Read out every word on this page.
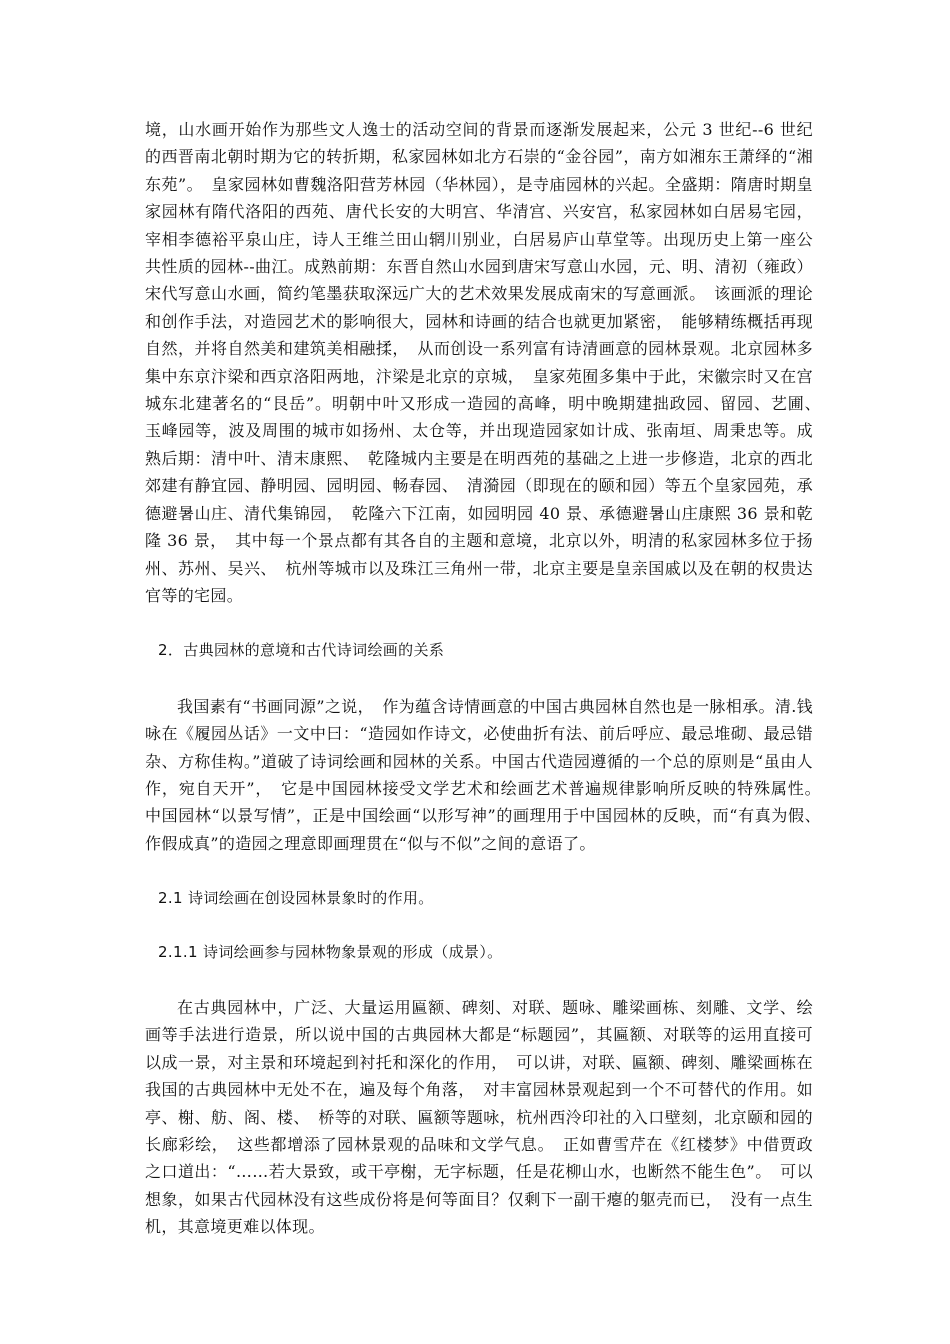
境，山水画开始作为那些文人逸士的活动空间的背景而逐渐发展起来，公元 3 世纪--6 世纪的西晋南北朝时期为它的转折期，私家园林如北方石崇的“金谷园”，南方如湘东王萧绎的“湘东苑”。　皇家园林如曹魏洛阳营芳林园（华林园），是寺庙园林的兴起。全盛期：隋唐时期皇家园林有隋代洛阳的西苑、唐代长安的大明宫、华清宫、兴安宫，私家园林如白居易宅园，宰相李德裕平泉山庄，诗人王维兰田山辋川别业，白居易庐山草堂等。出现历史上第一座公共性质的园林--曲江。成熟前期：东晋自然山水园到唐宋写意山水园，元、明、清初（雍政）宋代写意山水画，简约笔墨获取深远广大的艺术效果发展成南宋的写意画派。　该画派的理论和创作手法，对造园艺术的影响很大，园林和诗画的结合也就更加紧密，　能够精练概括再现自然，并将自然美和建筑美相融揉，　从而创设一系列富有诗清画意的园林景观。北京园林多集中东京汴梁和西京洛阳两地，汴梁是北京的京城，　皇家苑囿多集中于此，宋徽宗时又在宫城东北建著名的“艮岳”。明朝中叶又形成一造园的高峰，明中晚期建拙政园、留园、艺圃、　玉峰园等，波及周围的城市如扬州、太仓等，并出现造园家如计成、张南垣、周秉忠等。成熟后期：清中叶、清末康熙、　乾隆城内主要是在明西苑的基础之上进一步修造，北京的西北郊建有静宜园、静明园、园明园、畅春园、　清漪园（即现在的颐和园）等五个皇家园苑，承德避暑山庄、清代集锦园，　乾隆六下江南，如园明园 40 景、承德避暑山庄康熙 36 景和乾隆 36 景，　其中每一个景点都有其各自的主题和意境，北京以外，明清的私家园林多位于扬州、苏州、吴兴、　杭州等城市以及珠江三角州一带，北京主要是皇亲国戚以及在朝的权贵达官等的宅园。

2．古典园林的意境和古代诗词绘画的关系

我国素有“书画同源”之说，　作为蕴含诗情画意的中国古典园林自然也是一脉相承。清.钱咏在《履园丛话》一文中曰：“造园如作诗文，必使曲折有法、前后呼应、最忌堆砌、最忌错杂、方称佳构。”道破了诗词绘画和园林的关系。中国古代造园遵循的一个总的原则是“虽由人作，宛自天开”，　它是中国园林接受文学艺术和绘画艺术普遍规律影响所反映的特殊属性。　中国园林“以景写情”，正是中国绘画“以形写神”的画理用于中国园林的反映，而“有真为假、　作假成真”的造园之理意即画理贯在“似与不似”之间的意语了。

2.1 诗词绘画在创设园林景象时的作用。

2.1.1 诗词绘画参与园林物象景观的形成（成景）。

在古典园林中，广泛、大量运用匾额、碑刻、对联、题咏、雕梁画栋、刻雕、文学、绘画等手法进行造景，所以说中国的古典园林大都是“标题园”，其匾额、对联等的运用直接可以成一景，对主景和环境起到衬托和深化的作用，　可以讲，对联、匾额、碑刻、雕梁画栋在我国的古典园林中无处不在，遍及每个角落，　对丰富园林景观起到一个不可替代的作用。如亭、榭、舫、阁、楼、　桥等的对联、匾额等题咏，杭州西泠印社的入口壁刻，北京颐和园的长廊彩绘，　这些都增添了园林景观的品味和文学气息。　正如曹雪芹在《红楼梦》中借贾政之口道出：“……若大景致，或干亭榭，无字标题，任是花柳山水，也断然不能生色”。　可以想象，如果古代园林没有这些成份将是何等面目？仅剩下一副干瘪的躯壳而已，　没有一点生机，其意境更难以体现。
